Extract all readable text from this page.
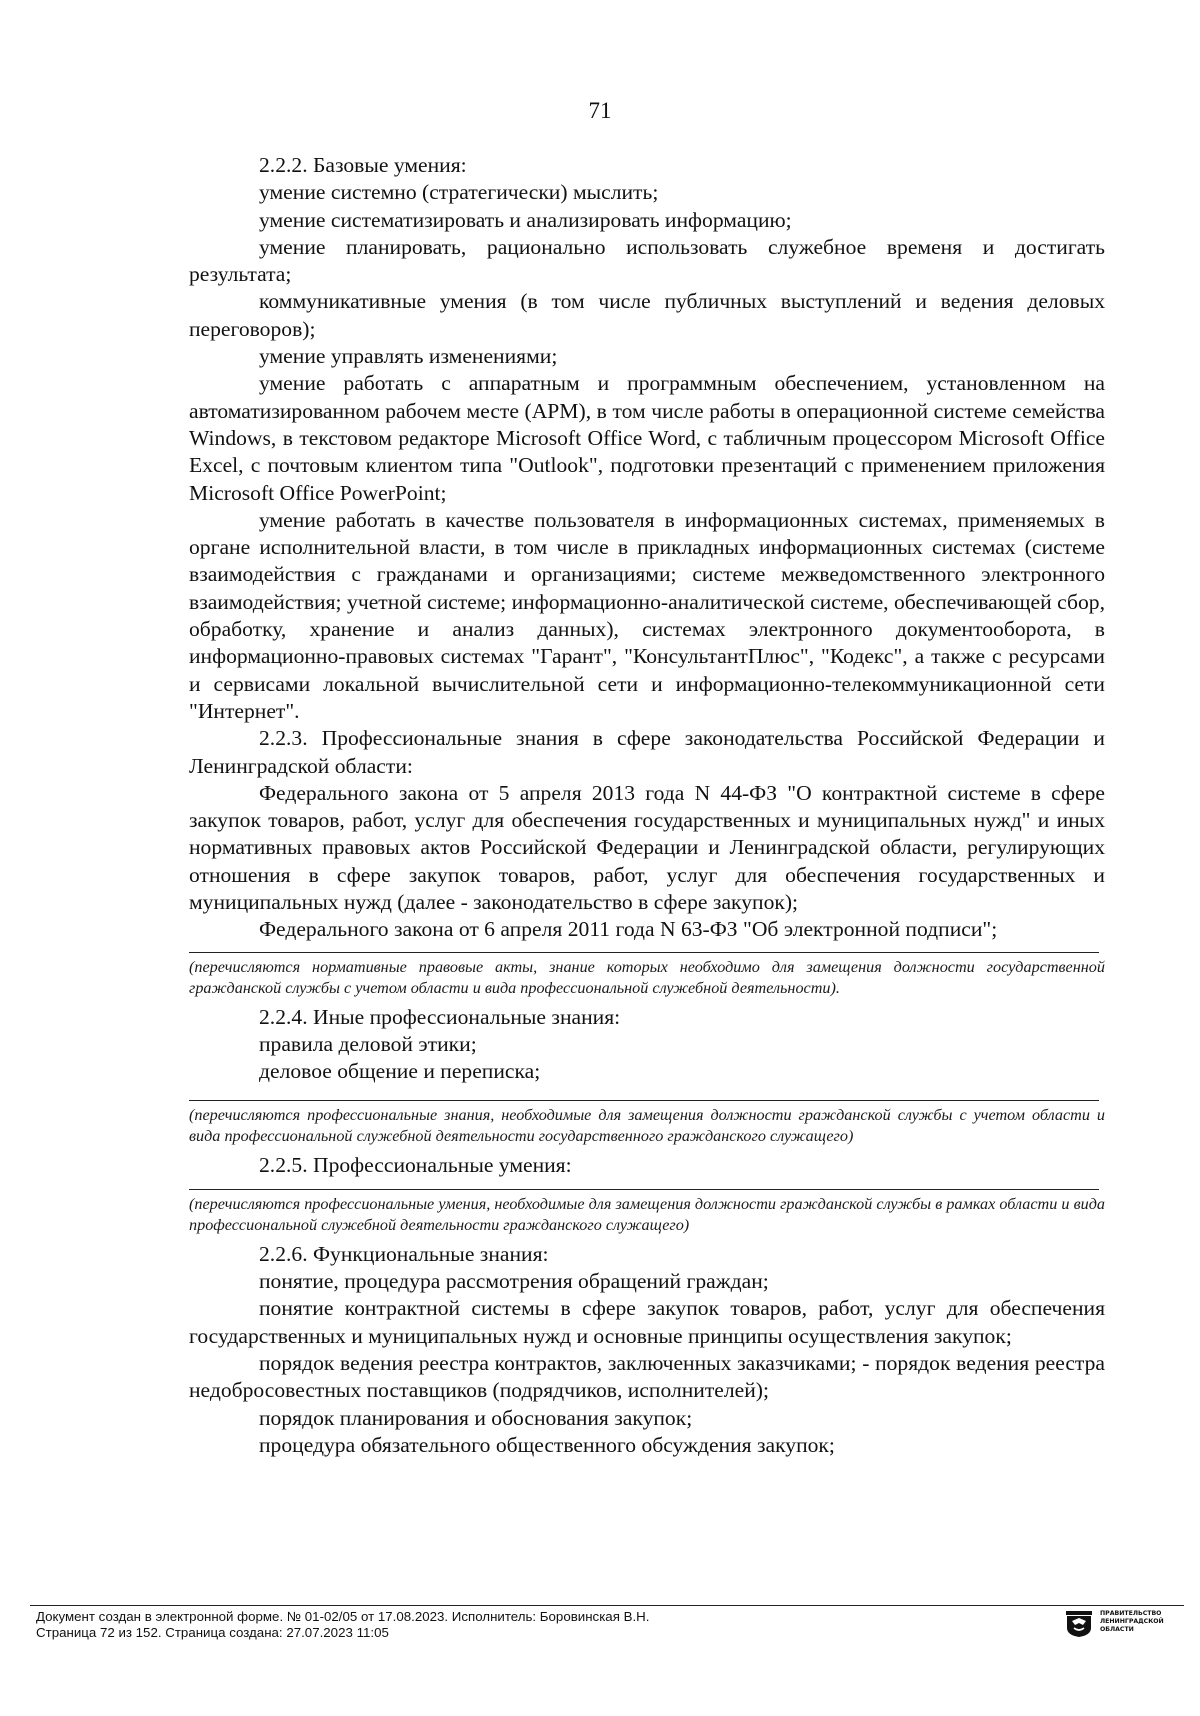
71

2.2.2. Базовые умения:

умение системно (стратегически) мыслить;

умение систематизировать и анализировать информацию;

умение планировать, рационально использовать служебное временя и достигать результата;

коммуникативные умения (в том числе публичных выступлений и ведения деловых переговоров);

умение управлять изменениями;

умение работать с аппаратным и программным обеспечением, установленном на автоматизированном рабочем месте (АРМ), в том числе работы в операционной системе семейства Windows, в текстовом редакторе Microsoft Office Word, с табличным процессором Microsoft Office Excel, с почтовым клиентом типа "Outlook", подготовки презентаций с применением приложения Microsoft Office PowerPoint;

умение работать в качестве пользователя в информационных системах, применяемых в органе исполнительной власти, в том числе в прикладных информационных системах (системе взаимодействия с гражданами и организациями; системе межведомственного электронного взаимодействия; учетной системе; информационно-аналитической системе, обеспечивающей сбор, обработку, хранение и анализ данных), системах электронного документооборота, в информационно-правовых системах "Гарант", "КонсультантПлюс", "Кодекс", а также с ресурсами и сервисами локальной вычислительной сети и информационно-телекоммуникационной сети "Интернет".

2.2.3. Профессиональные знания в сфере законодательства Российской Федерации и Ленинградской области:

Федерального закона от 5 апреля 2013 года N 44-ФЗ "О контрактной системе в сфере закупок товаров, работ, услуг для обеспечения государственных и муниципальных нужд" и иных нормативных правовых актов Российской Федерации и Ленинградской области, регулирующих отношения в сфере закупок товаров, работ, услуг для обеспечения государственных и муниципальных нужд (далее - законодательство в сфере закупок);

Федерального закона от 6 апреля 2011 года N 63-ФЗ "Об электронной подписи";

(перечисляются нормативные правовые акты, знание которых необходимо для замещения должности государственной гражданской службы с учетом области и вида профессиональной служебной деятельности).

2.2.4. Иные профессиональные знания:

правила деловой этики;

деловое общение и переписка;

(перечисляются профессиональные знания, необходимые для замещения должности гражданской службы с учетом области и вида профессиональной служебной деятельности государственного гражданского служащего)

2.2.5. Профессиональные умения:

(перечисляются профессиональные умения, необходимые для замещения должности гражданской службы в рамках области и вида профессиональной служебной деятельности гражданского служащего)

2.2.6. Функциональные знания:

понятие, процедура рассмотрения обращений граждан;

понятие контрактной системы в сфере закупок товаров, работ, услуг для обеспечения государственных и муниципальных нужд и основные принципы осуществления закупок;

порядок ведения реестра контрактов, заключенных заказчиками; - порядок ведения реестра недобросовестных поставщиков (подрядчиков, исполнителей);

порядок планирования и обоснования закупок;

процедура обязательного общественного обсуждения закупок;

Документ создан в электронной форме. № 01-02/05 от 17.08.2023. Исполнитель: Боровинская В.Н.
Страница 72 из 152. Страница создана: 27.07.2023 11:05
ПРАВИТЕЛЬСТВО ЛЕНИНГРАДСКОЙ ОБЛАСТИ
